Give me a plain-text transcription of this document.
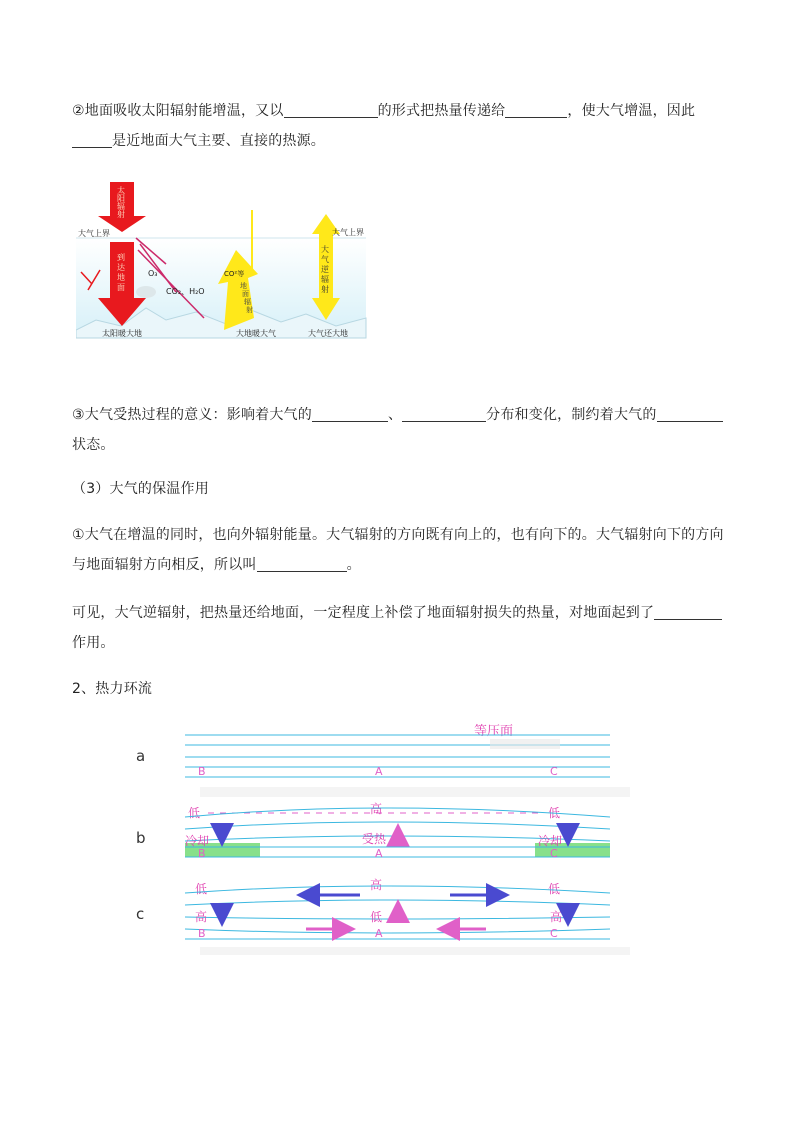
②地面吸收太阳辐射能增温，又以	的形式把热量传递给	，使大气增温，因此是近地面大气主要、直接的热源。
太
阳
辐
射
大气上界
到
达
地
面
O₃
CO₂、H₂O
CO²等
地
面
辐
射
大
气
逆
辐
射
大气上界
太阳暖大地	大地暖大气	大气还大地
③大气受热过程的意义：影响着大气的	、	分布和变化，制约着大气的状态。
（3）大气的保温作用
①大气在增温的同时，也向外辐射能量。大气辐射的方向既有向上的，也有向下的。大气辐射向下的方向与地面辐射方向相反，所以叫	。
可见，大气逆辐射，把热量还给地面，一定程度上补偿了地面辐射损失的热量，对地面起到了作用。
2、热力环流
等压面
a
B	A	C
低	高	低
b	冷却	冷却
受热
B	A	C
低	高	低
c	高	低	高
B	A	C
